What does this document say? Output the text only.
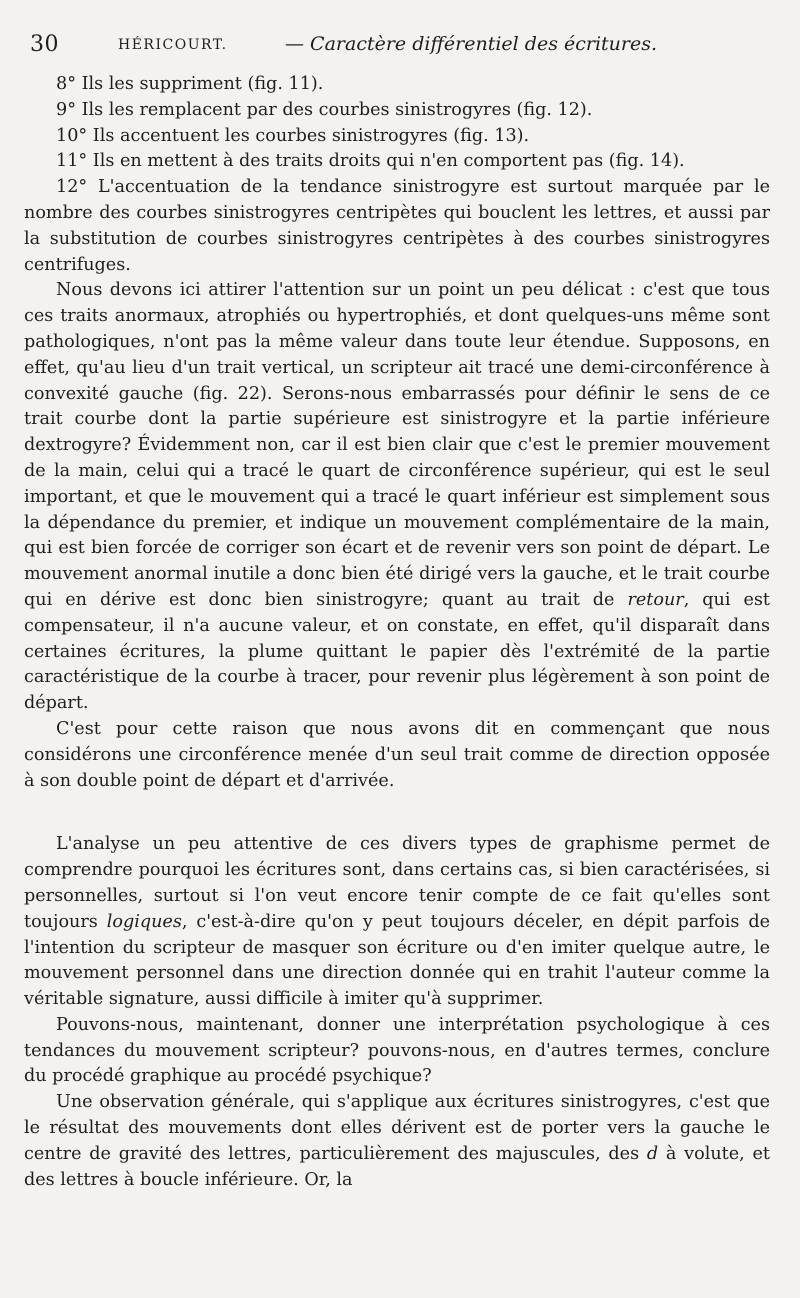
30	HÉRICOURT.	— Caractère différentiel des écritures.

8° Ils les suppriment (fig. 11).

9° Ils les remplacent par des courbes sinistrogyres (fig. 12).

10° Ils accentuent les courbes sinistrogyres (fig. 13).

11° Ils en mettent à des traits droits qui n'en comportent pas (fig. 14).

12° L'accentuation de la tendance sinistrogyre est surtout marquée par le nombre des courbes sinistrogyres centripètes qui bouclent les lettres, et aussi par la substitution de courbes sinistrogyres centripètes à des courbes sinistrogyres centrifuges.

Nous devons ici attirer l'attention sur un point un peu délicat : c'est que tous ces traits anormaux, atrophiés ou hypertrophiés, et dont quelques-uns même sont pathologiques, n'ont pas la même valeur dans toute leur étendue. Supposons, en effet, qu'au lieu d'un trait vertical, un scripteur ait tracé une demi-circonférence à convexité gauche (fig. 22). Serons-nous embarrassés pour définir le sens de ce trait courbe dont la partie supérieure est sinistrogyre et la partie inférieure dextrogyre? Évidemment non, car il est bien clair que c'est le premier mouvement de la main, celui qui a tracé le quart de circonférence supérieur, qui est le seul important, et que le mouvement qui a tracé le quart inférieur est simplement sous la dépendance du premier, et indique un mouvement complémentaire de la main, qui est bien forcée de corriger son écart et de revenir vers son point de départ. Le mouvement anormal inutile a donc bien été dirigé vers la gauche, et le trait courbe qui en dérive est donc bien sinistrogyre; quant au trait de retour, qui est compensateur, il n'a aucune valeur, et on constate, en effet, qu'il disparaît dans certaines écritures, la plume quittant le papier dès l'extrémité de la partie caractéristique de la courbe à tracer, pour revenir plus légèrement à son point de départ.

C'est pour cette raison que nous avons dit en commençant que nous considérons une circonférence menée d'un seul trait comme de direction opposée à son double point de départ et d'arrivée.

L'analyse un peu attentive de ces divers types de graphisme permet de comprendre pourquoi les écritures sont, dans certains cas, si bien caractérisées, si personnelles, surtout si l'on veut encore tenir compte de ce fait qu'elles sont toujours logiques, c'est-à-dire qu'on y peut toujours déceler, en dépit parfois de l'intention du scripteur de masquer son écriture ou d'en imiter quelque autre, le mouvement personnel dans une direction donnée qui en trahit l'auteur comme la véritable signature, aussi difficile à imiter qu'à supprimer.

Pouvons-nous, maintenant, donner une interprétation psychologique à ces tendances du mouvement scripteur? pouvons-nous, en d'autres termes, conclure du procédé graphique au procédé psychique?

Une observation générale, qui s'applique aux écritures sinistrogyres, c'est que le résultat des mouvements dont elles dérivent est de porter vers la gauche le centre de gravité des lettres, particulièrement des majuscules, des d à volute, et des lettres à boucle inférieure. Or, la
